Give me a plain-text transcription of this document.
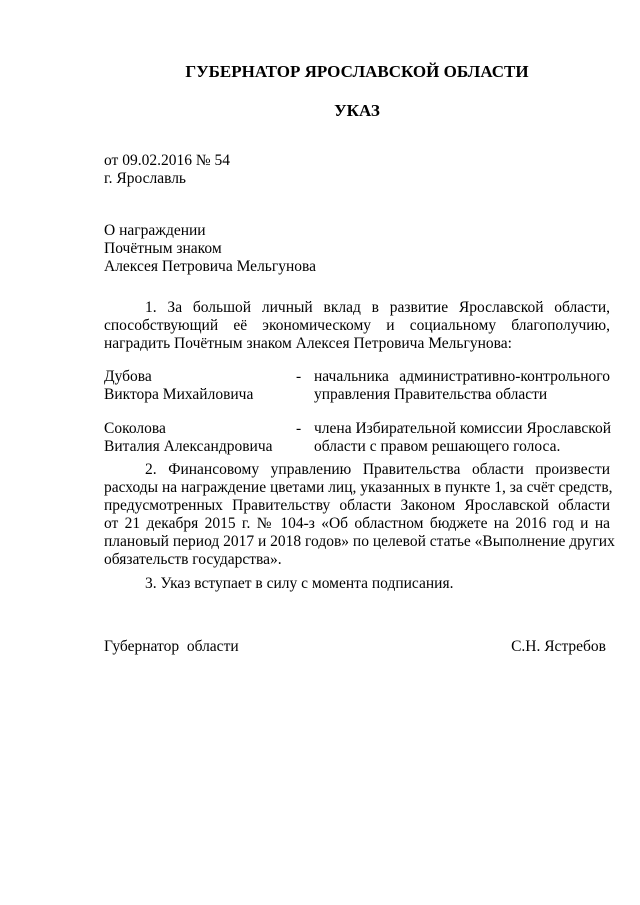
ГУБЕРНАТОР ЯРОСЛАВСКОЙ ОБЛАСТИ
УКАЗ
от 09.02.2016 № 54
г. Ярославль
О награждении
Почётным знаком
Алексея Петровича Мельгунова
1. За большой личный вклад в развитие Ярославской области,
способствующий её экономическому и социальному благополучию,
наградить Почётным знаком Алексея Петровича Мельгунова:
Дубова
Виктора Михайловича
- начальника административно-контрольного
управления Правительства области
Соколова
Виталия Александровича
- члена Избирательной комиссии Ярославской
области с правом решающего голоса.
2. Финансовому управлению Правительства области произвести
расходы на награждение цветами лиц, указанных в пункте 1, за счёт средств,
предусмотренных Правительству области Законом Ярославской области
от 21 декабря 2015 г. № 104-з «Об областном бюджете на 2016 год и на
плановый период 2017 и 2018 годов» по целевой статье «Выполнение других
обязательств государства».
3. Указ вступает в силу с момента подписания.
Губернатор  области	С.Н. Ястребов
